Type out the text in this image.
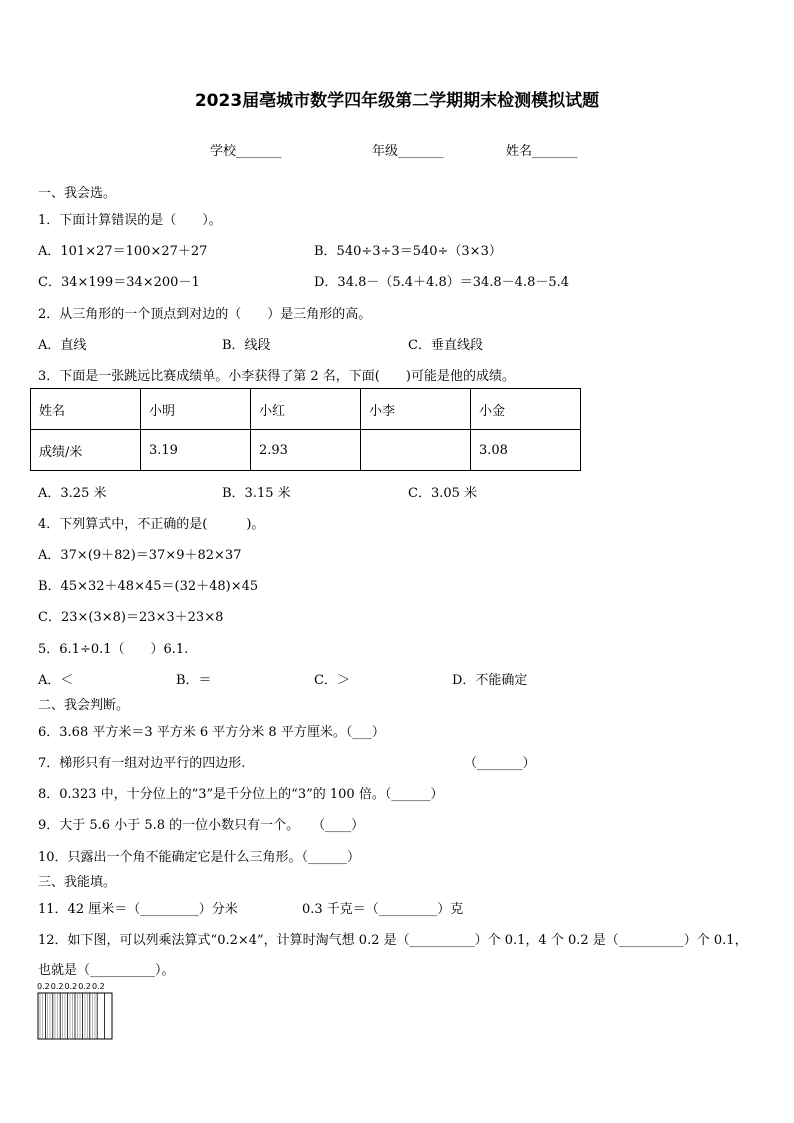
2023届亳城市数学四年级第二学期期末检测模拟试题
学校_______	年级_______	姓名_______
一、我会选。
1．下面计算错误的是（　　）。
A．101×27＝100×27＋27	B．540÷3÷3＝540÷（3×3）
C．34×199＝34×200－1	D．34.8－（5.4＋4.8）＝34.8－4.8－5.4
2．从三角形的一个顶点到对边的（　　）是三角形的高。
A．直线	B．线段	C．垂直线段
3．下面是一张跳远比赛成绩单。小李获得了第 2 名，下面(　　)可能是他的成绩。
姓名	小明	小红	小李	小金
成绩/米	3.19	2.93		3.08
A．3.25 米	B．3.15 米	C．3.05 米
4．下列算式中，不正确的是(　　　)。
A．37×(9＋82)＝37×9＋82×37
B．45×32＋48×45＝(32＋48)×45
C．23×(3×8)＝23×3＋23×8
5．6.1÷0.1（　　）6.1.
A．＜	B．＝	C．＞	D．不能确定
二、我会判断。
6．3.68 平方米＝3 平方米 6 平方分米 8 平方厘米。（___）
7．梯形只有一组对边平行的四边形.	（_______）
8．0.323 中，十分位上的“3”是千分位上的“3”的 100 倍。（______）
9．大于 5.6 小于 5.8 的一位小数只有一个。　　（____）
10．只露出一个角不能确定它是什么三角形。（______）
三、我能填。
11．42 厘米＝（_________）分米	0.3 千克＝（_________）克
12．如下图，可以列乘法算式“0.2×4”，计算时淘气想 0.2 是（__________）个 0.1，4 个 0.2 是（__________）个 0.1，
也就是（__________）。
0.2 0.2 0.2 0.2 0.2
